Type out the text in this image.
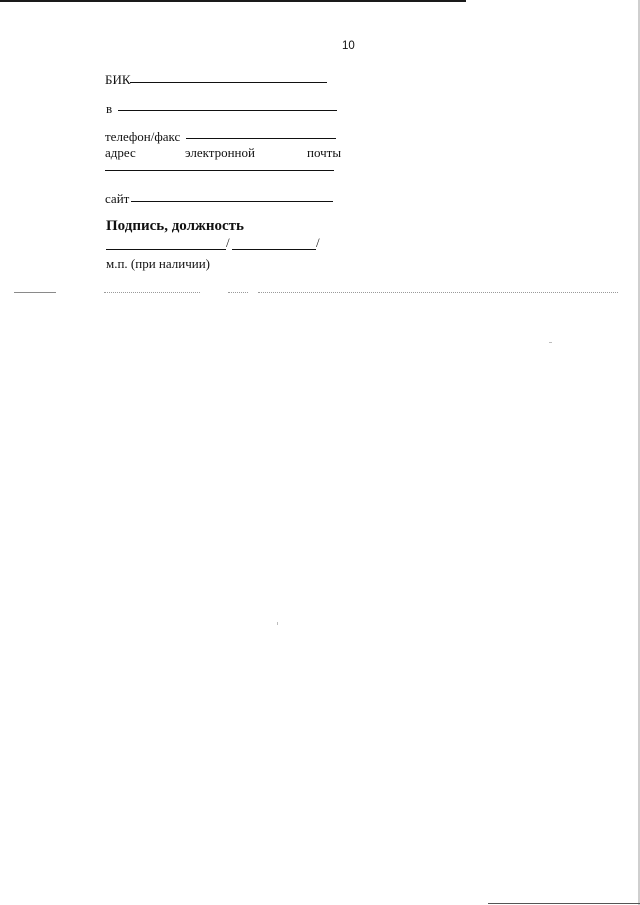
10
БИК
в
телефон/факс
адрес	электронной	почты
сайт
Подпись, должность
/	/
м.п. (при наличии)
